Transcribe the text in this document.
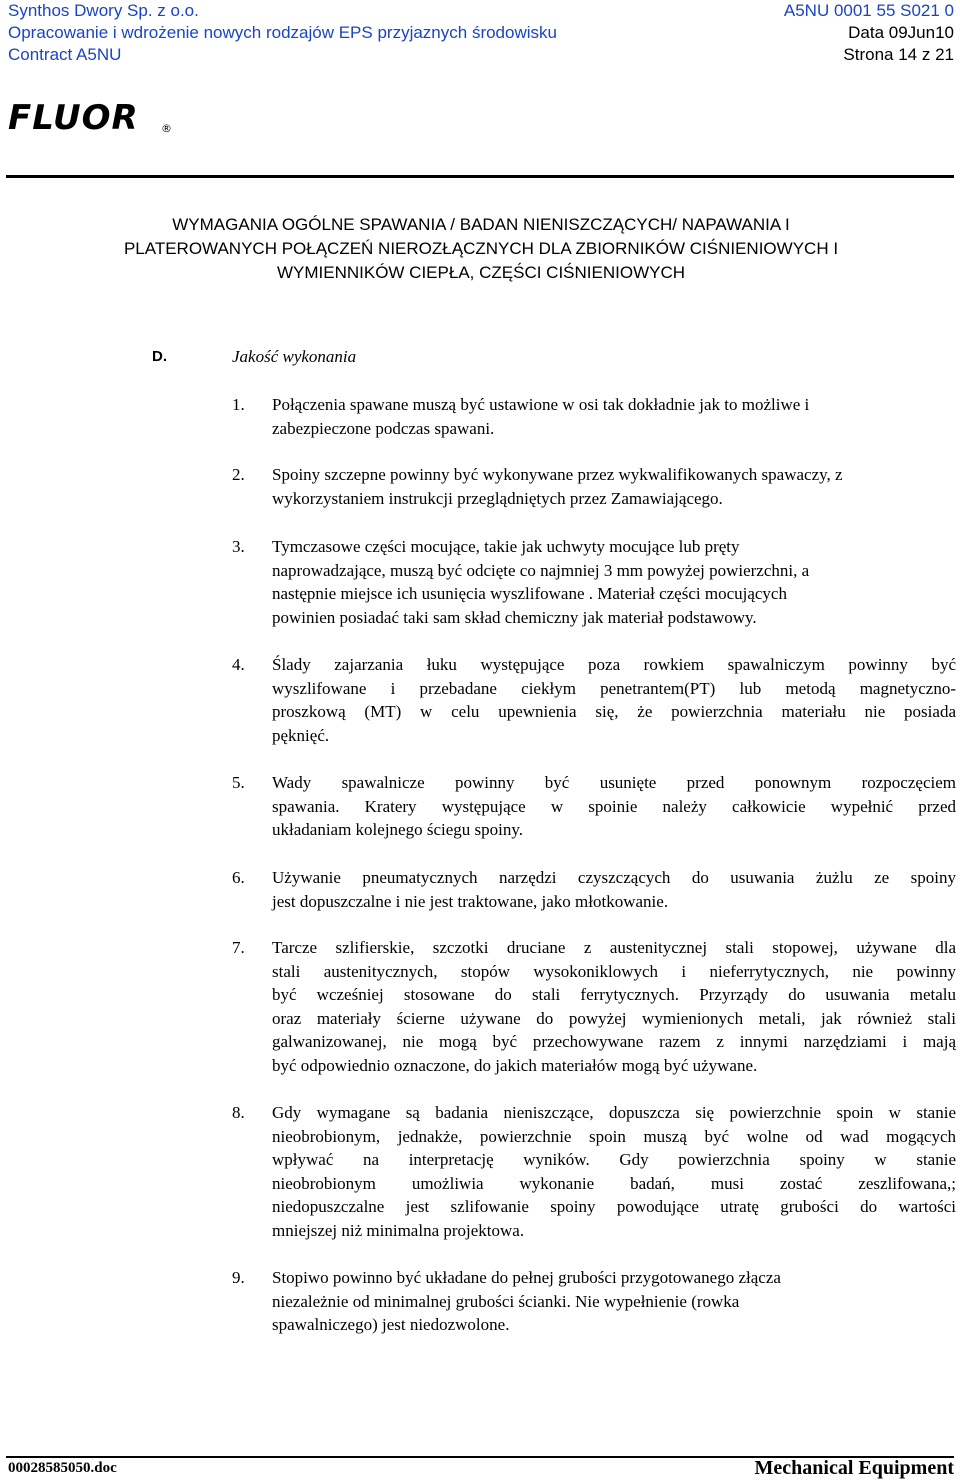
Synthos Dwory Sp. z o.o.	A5NU 0001 55 S021 0
Opracowanie i wdrożenie nowych rodzajów EPS przyjaznych środowisku	Data 09Jun10
Contract A5NU	Strona 14 z 21
FLUOR ®
WYMAGANIA OGÓLNE SPAWANIA / BADAN NIENISZCZĄCYCH/ NAPAWANIA I
PLATEROWANYCH POŁĄCZEŃ NIEROZŁĄCZNYCH DLA ZBIORNIKÓW CIŚNIENIOWYCH I
WYMIENNIKÓW CIEPŁA, CZĘŚCI CIŚNIENIOWYCH
D.	Jakość wykonania
1. Połączenia spawane muszą być ustawione w osi tak dokładnie jak to możliwe i
zabezpieczone podczas spawani.
2. Spoiny szczepne powinny być wykonywane przez wykwalifikowanych spawaczy, z
wykorzystaniem instrukcji przeglądniętych przez Zamawiającego.
3. Tymczasowe części mocujące, takie jak uchwyty mocujące lub pręty
naprowadzające, muszą być odcięte co najmniej 3 mm powyżej powierzchni, a
następnie miejsce ich usunięcia wyszlifowane . Materiał części mocujących
powinien posiadać taki sam skład chemiczny jak materiał podstawowy.
4. Ślady zajarzania łuku występujące poza rowkiem spawalniczym powinny być
wyszlifowane i przebadane ciekłym penetrantem(PT) lub metodą magnetyczno-
proszkową (MT) w celu upewnienia się, że powierzchnia materiału nie posiada
pęknięć.
5. Wady spawalnicze powinny być usunięte przed ponownym rozpoczęciem
spawania. Kratery występujące w spoinie należy całkowicie wypełnić przed
układaniam kolejnego ściegu spoiny.
6. Używanie pneumatycznych narzędzi czyszczących do usuwania żużlu ze spoiny
jest dopuszczalne i nie jest traktowane, jako młotkowanie.
7. Tarcze szlifierskie, szczotki druciane z austenitycznej stali stopowej, używane dla
stali austenitycznych, stopów wysokoniklowych i nieferrytycznych, nie powinny
być wcześniej stosowane do stali ferrytycznych. Przyrządy do usuwania metalu
oraz materiały ścierne używane do powyżej wymienionych metali, jak również stali
galwanizowanej, nie mogą być przechowywane razem z innymi narzędziami i mają
być odpowiednio oznaczone, do jakich materiałów mogą być używane.
8. Gdy wymagane są badania nieniszczące, dopuszcza się powierzchnie spoin w stanie
nieobrobionym, jednakże, powierzchnie spoin muszą być wolne od wad mogących
wpływać na interpretację wyników. Gdy powierzchnia spoiny w stanie
nieobrobionym umożliwia wykonanie badań, musi zostać zeszlifowana,;
niedopuszczalne jest szlifowanie spoiny powodujące utratę grubości do wartości
mniejszej niż minimalna projektowa.
9. Stopiwo powinno być układane do pełnej grubości przygotowanego złącza
niezależnie od minimalnej grubości ścianki. Nie wypełnienie (rowka
spawalniczego) jest niedozwolone.
00028585050.doc	Mechanical Equipment
